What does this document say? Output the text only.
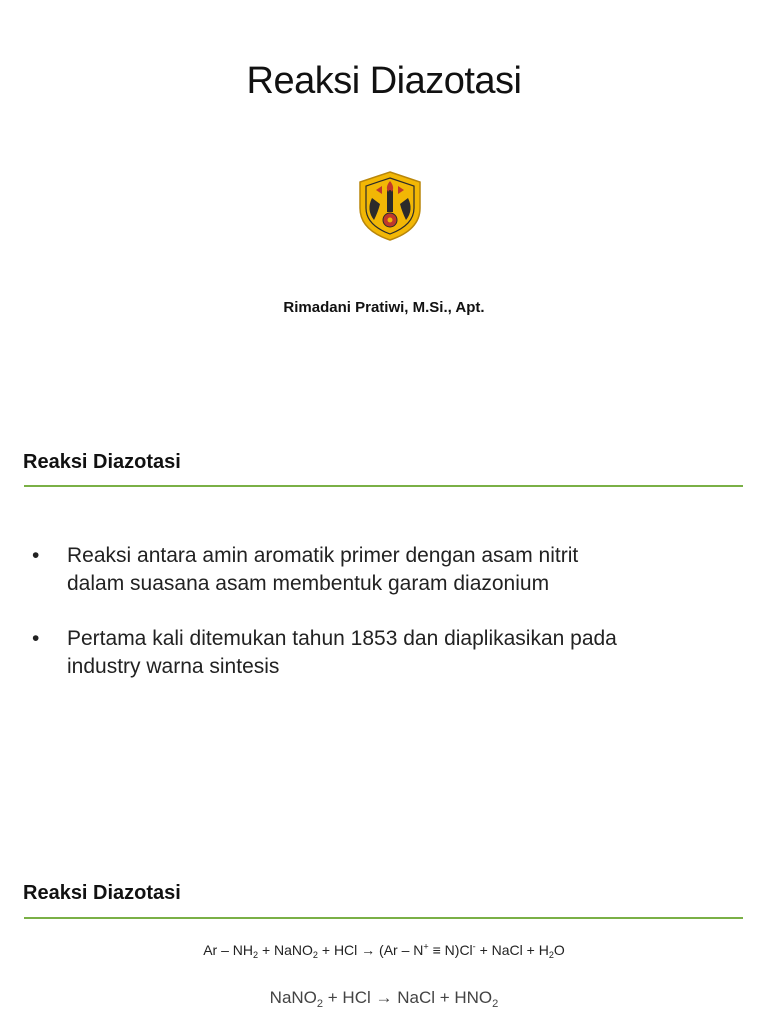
Reaksi Diazotasi
Rimadani Pratiwi, M.Si., Apt.
Reaksi Diazotasi
• Reaksi antara amin aromatik primer dengan asam nitrit
dalam suasana asam membentuk garam diazonium
• Pertama kali ditemukan tahun 1853 dan diaplikasikan pada
industry warna sintesis
Reaksi Diazotasi
Ar – $NH_2$ + NaNO$_2$ + HCl → (Ar – N+ ≡ N)Cl- + NaCl + $H_2O$
NaNO$_2$ + HCl → NaCl + $HNO_2$
